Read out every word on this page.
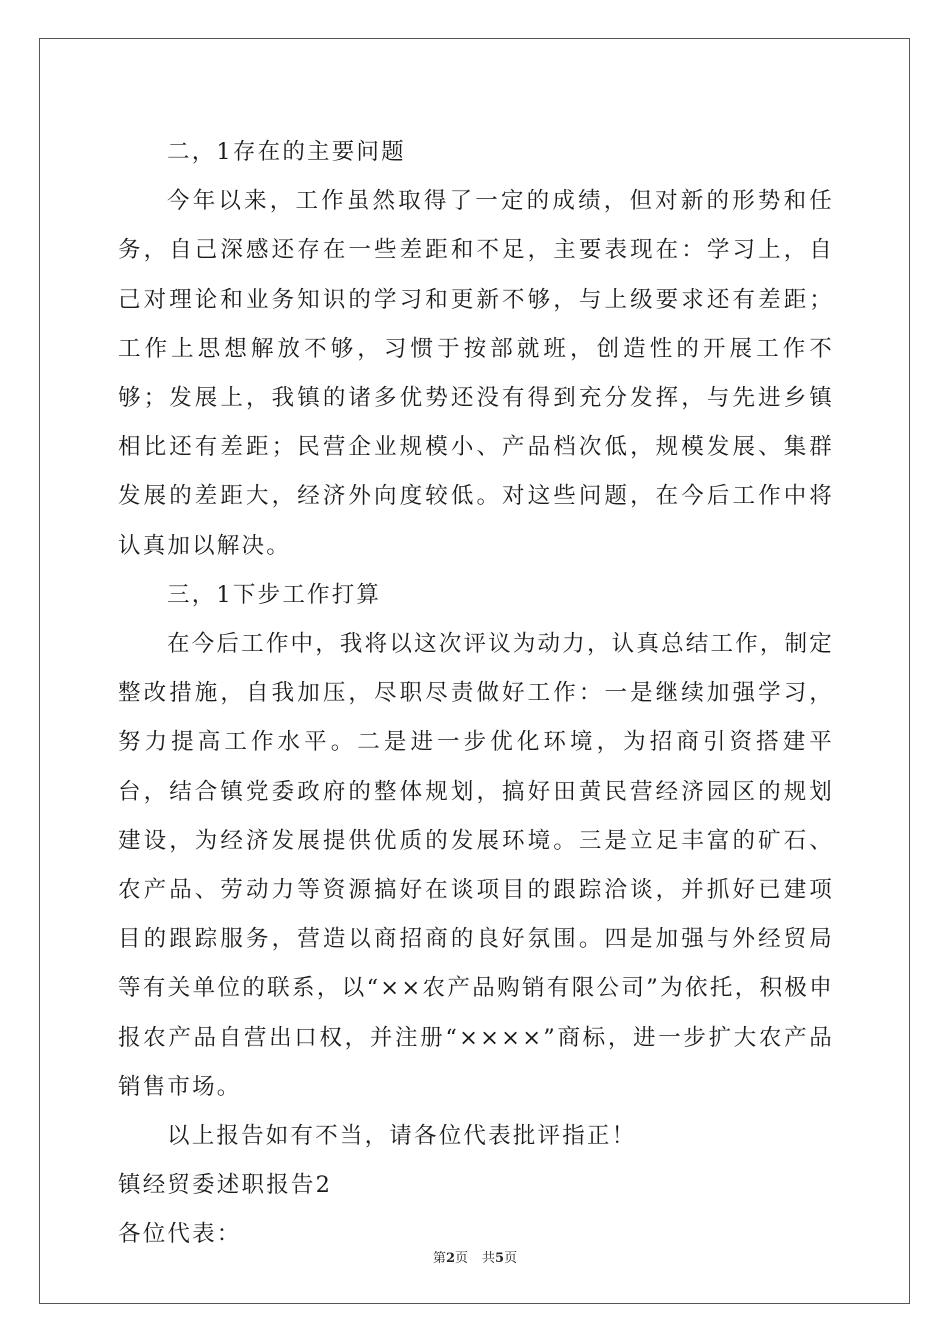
二，1存在的主要问题

今年以来，工作虽然取得了一定的成绩，但对新的形势和任务，自己深感还存在一些差距和不足，主要表现在：学习上，自己对理论和业务知识的学习和更新不够，与上级要求还有差距；工作上思想解放不够，习惯于按部就班，创造性的开展工作不够；发展上，我镇的诸多优势还没有得到充分发挥，与先进乡镇相比还有差距；民营企业规模小、产品档次低，规模发展、集群发展的差距大，经济外向度较低。对这些问题，在今后工作中将认真加以解决。

三，1下步工作打算

在今后工作中，我将以这次评议为动力，认真总结工作，制定整改措施，自我加压，尽职尽责做好工作：一是继续加强学习，努力提高工作水平。二是进一步优化环境，为招商引资搭建平台，结合镇党委政府的整体规划，搞好田黄民营经济园区的规划建设，为经济发展提供优质的发展环境。三是立足丰富的矿石、农产品、劳动力等资源搞好在谈项目的跟踪洽谈，并抓好已建项目的跟踪服务，营造以商招商的良好氛围。四是加强与外经贸局等有关单位的联系，以“××农产品购销有限公司”为依托，积极申报农产品自营出口权，并注册“××××”商标，进一步扩大农产品销售市场。

以上报告如有不当，请各位代表批评指正！

镇经贸委述职报告2

各位代表：

第2页 共5页
